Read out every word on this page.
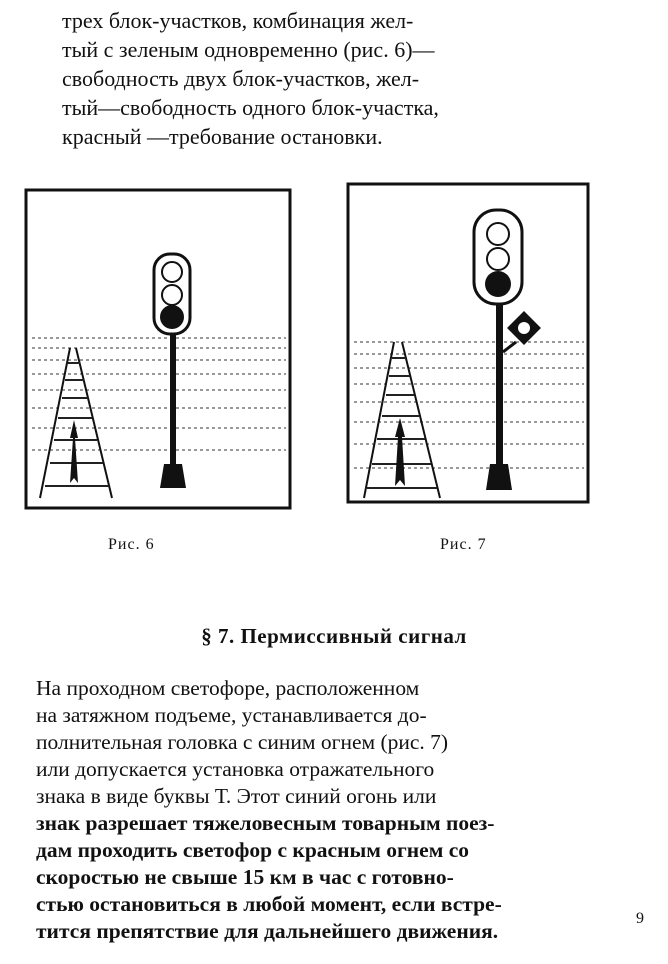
трех блок-участков, комбинация жел-
тый с зеленым одновременно (рис. 6)—
свободность двух блок-участков, жел-
тый—свободность одного блок-участка,
красный —требование остановки.
Рис. 6	Рис. 7
§ 7. Пермиссивный сигнал
На проходном светофоре, расположенном
на затяжном подъеме, устанавливается до-
полнительная головка с синим огнем (рис. 7)
или допускается установка отражательного
знака в виде буквы Т. Этот синий огонь или
знак разрешает тяжеловесным товарным поез-
дам проходить светофор с красным огнем со
скоростью не свыше 15 км в час с готовно-
стью остановиться в любой момент, если встре-
тится препятствие для дальнейшего движения.
9
